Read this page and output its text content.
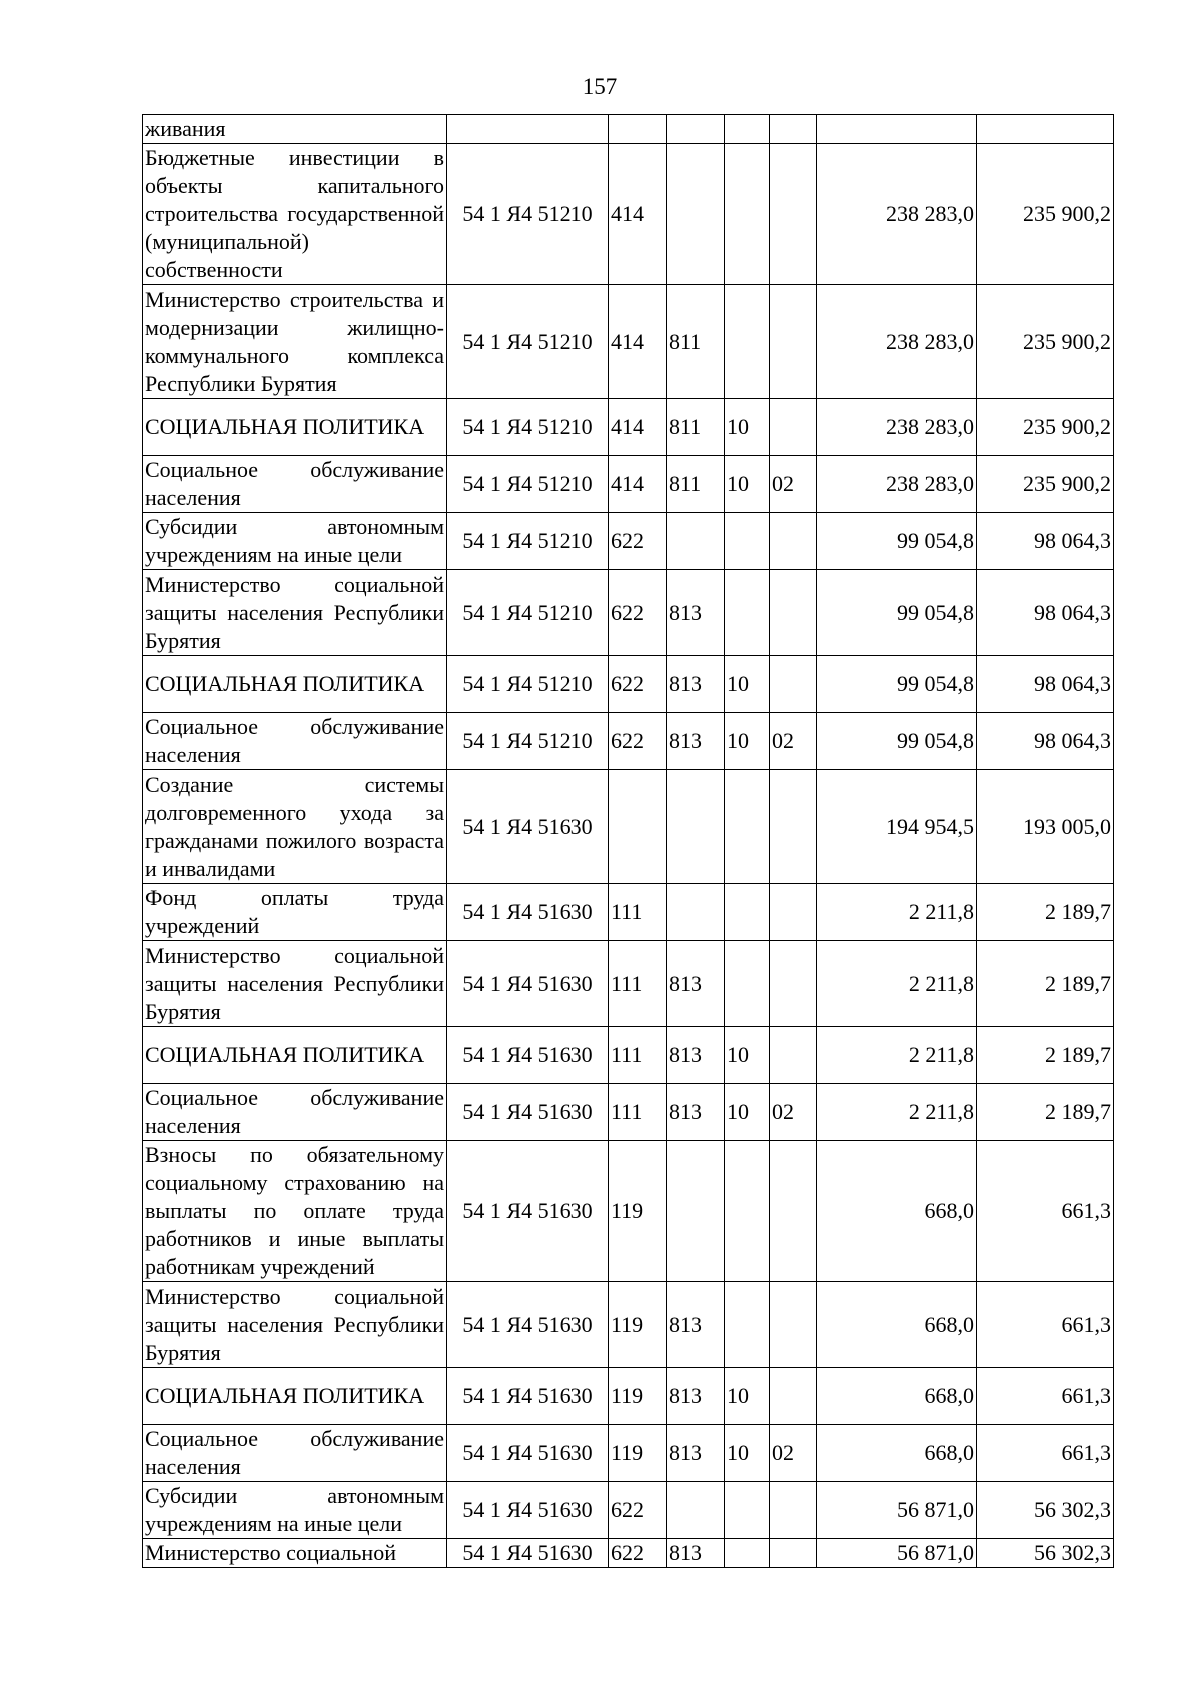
157
живания							
Бюджетные инвестиции в объекты капитального строительства государственной (муниципальной) собственности	54 1 Я4 51210	414				238 283,0	235 900,2
Министерство строительства и модернизации жилищно-коммунального комплекса Республики Бурятия	54 1 Я4 51210	414	811			238 283,0	235 900,2
СОЦИАЛЬНАЯ ПОЛИТИКА	54 1 Я4 51210	414	811	10		238 283,0	235 900,2
Социальное обслуживание населения	54 1 Я4 51210	414	811	10	02	238 283,0	235 900,2
Субсидии автономным учреждениям на иные цели	54 1 Я4 51210	622				99 054,8	98 064,3
Министерство социальной защиты населения Республики Бурятия	54 1 Я4 51210	622	813			99 054,8	98 064,3
СОЦИАЛЬНАЯ ПОЛИТИКА	54 1 Я4 51210	622	813	10		99 054,8	98 064,3
Социальное обслуживание населения	54 1 Я4 51210	622	813	10	02	99 054,8	98 064,3
Создание системы долговременного ухода за гражданами пожилого возраста и инвалидами	54 1 Я4 51630					194 954,5	193 005,0
Фонд оплаты труда учреждений	54 1 Я4 51630	111				2 211,8	2 189,7
Министерство социальной защиты населения Республики Бурятия	54 1 Я4 51630	111	813			2 211,8	2 189,7
СОЦИАЛЬНАЯ ПОЛИТИКА	54 1 Я4 51630	111	813	10		2 211,8	2 189,7
Социальное обслуживание населения	54 1 Я4 51630	111	813	10	02	2 211,8	2 189,7
Взносы по обязательному социальному страхованию на выплаты по оплате труда работников и иные выплаты работникам учреждений	54 1 Я4 51630	119				668,0	661,3
Министерство социальной защиты населения Республики Бурятия	54 1 Я4 51630	119	813			668,0	661,3
СОЦИАЛЬНАЯ ПОЛИТИКА	54 1 Я4 51630	119	813	10		668,0	661,3
Социальное обслуживание населения	54 1 Я4 51630	119	813	10	02	668,0	661,3
Субсидии автономным учреждениям на иные цели	54 1 Я4 51630	622				56 871,0	56 302,3
Министерство социальной	54 1 Я4 51630	622	813			56 871,0	56 302,3
